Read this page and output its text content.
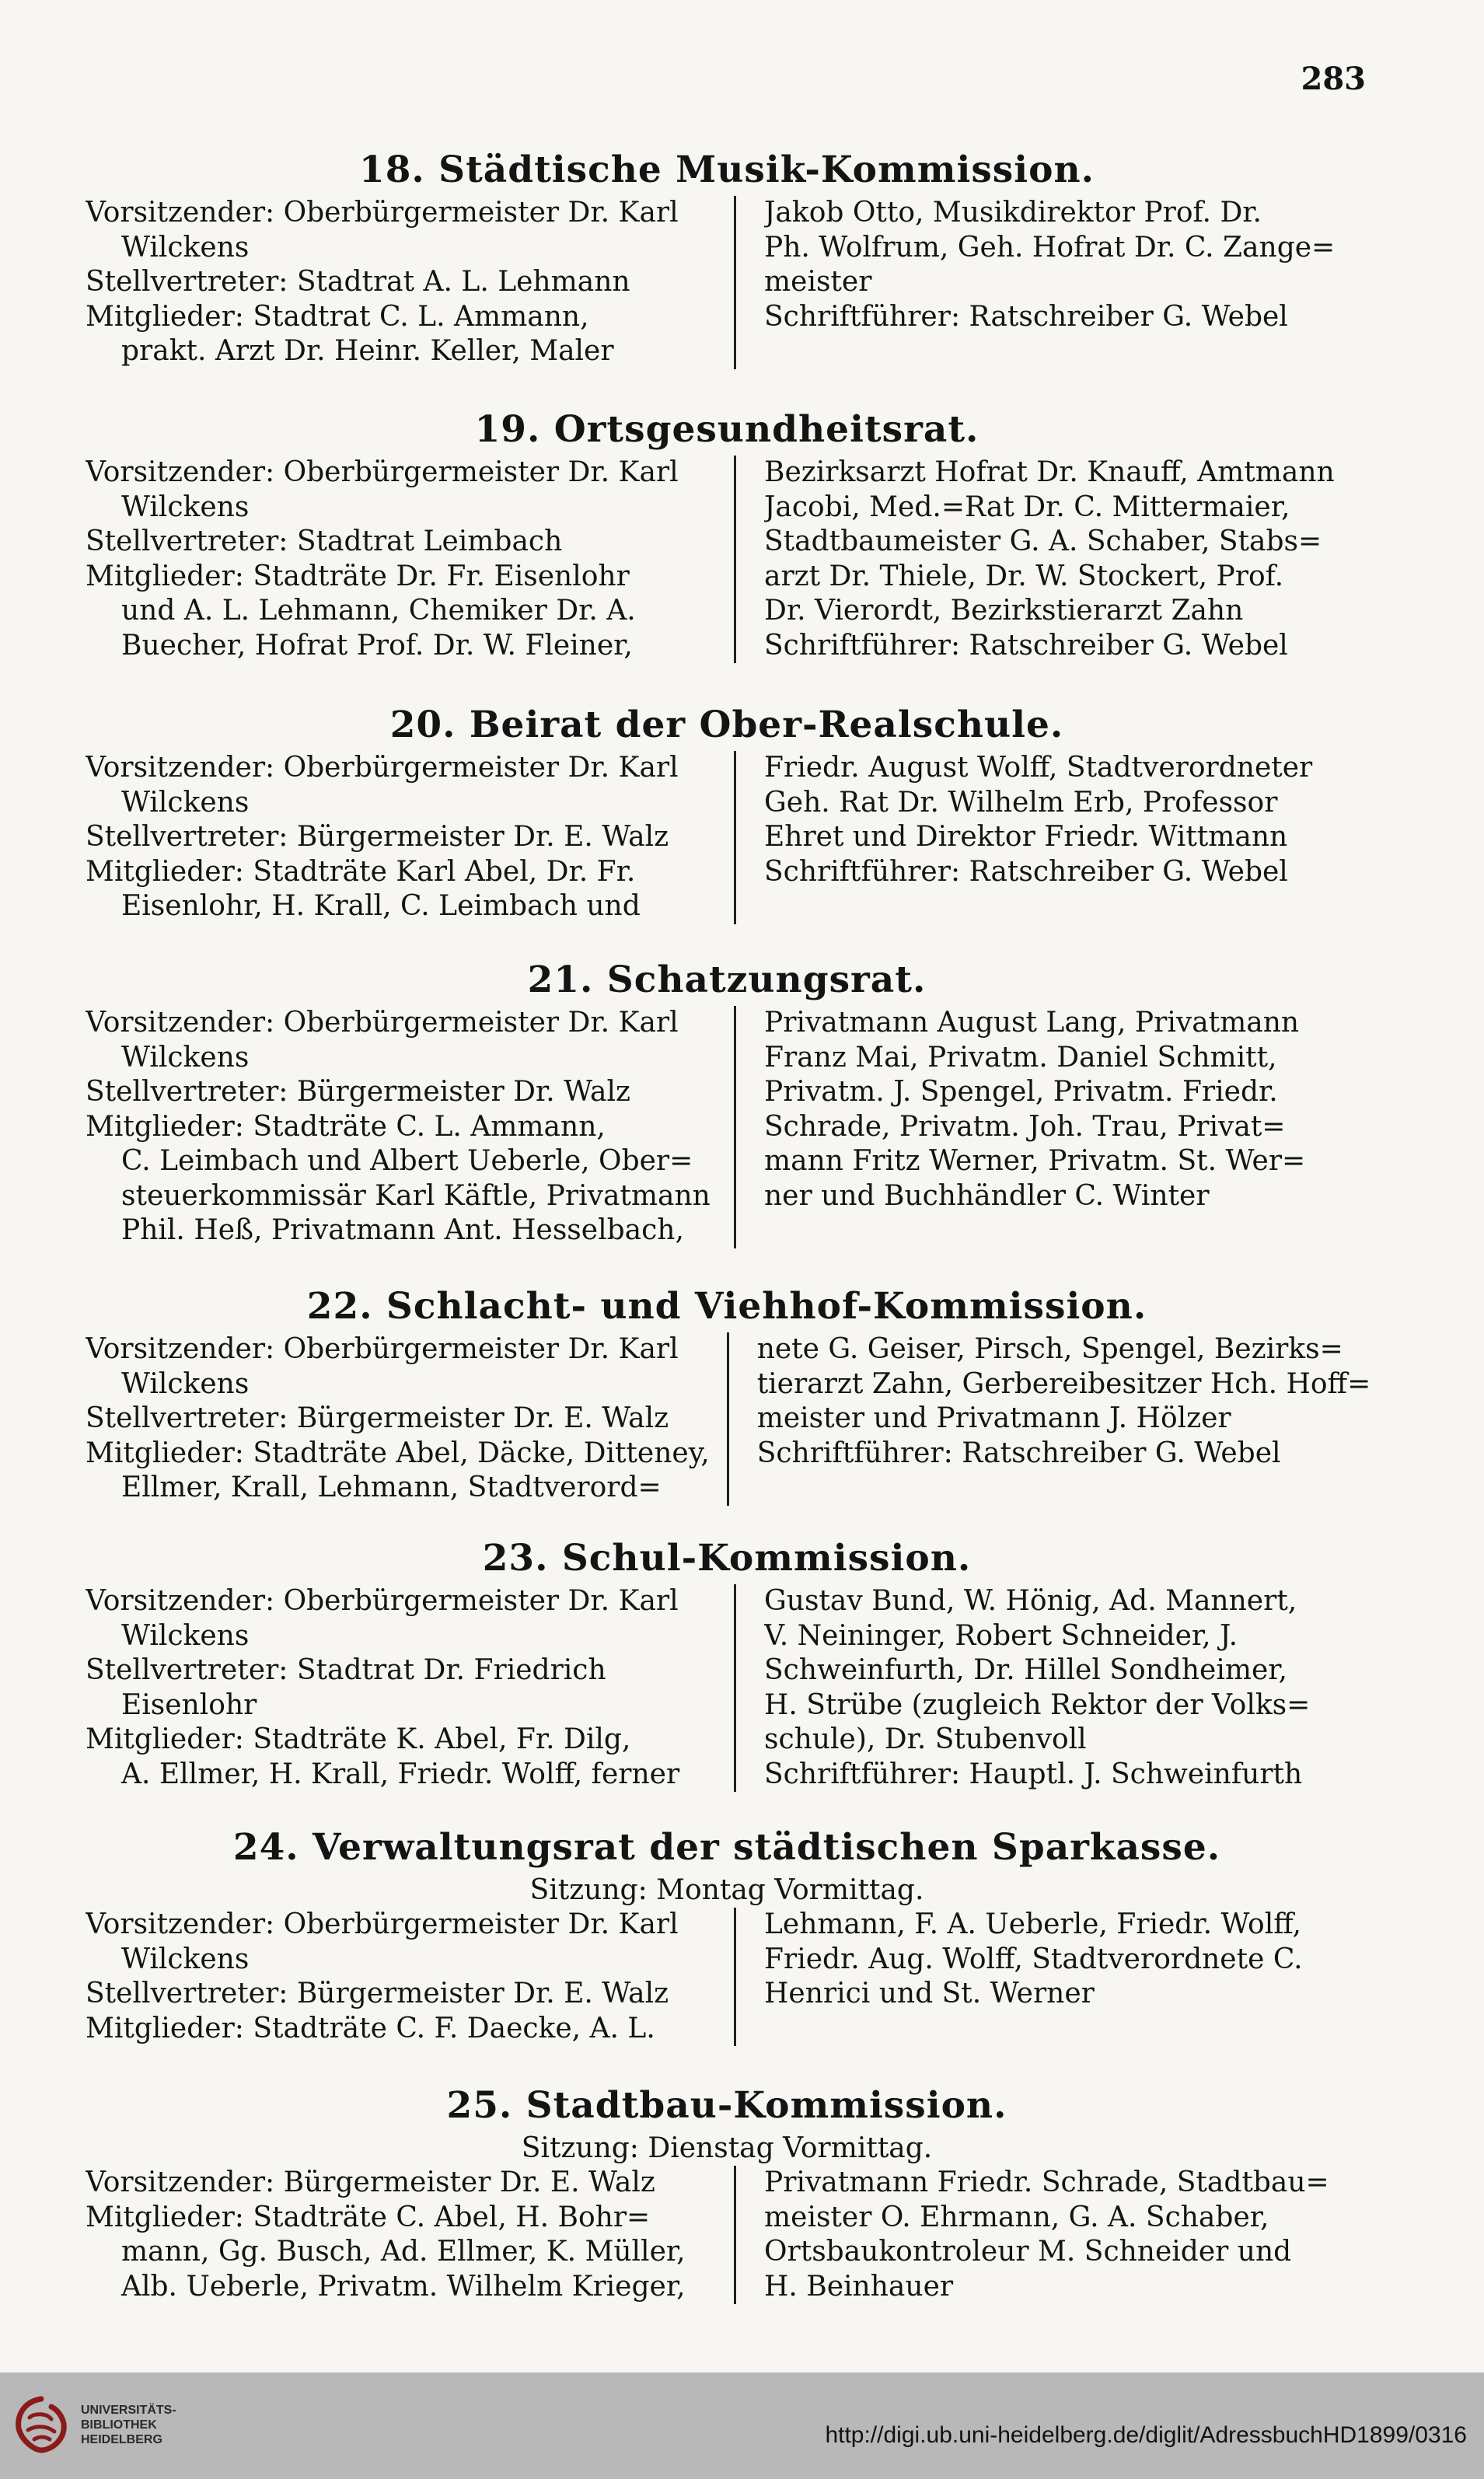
283
18. Städtische Musik-Kommission.
Vorsitzender: Oberbürgermeister Dr. Karl
Wilckens
Stellvertreter: Stadtrat A. L. Lehmann
Mitglieder: Stadtrat C. L. Ammann,
prakt. Arzt Dr. Heinr. Keller, Maler
Jakob Otto, Musikdirektor Prof. Dr.
Ph. Wolfrum, Geh. Hofrat Dr. C. Zange=
meister
Schriftführer: Ratschreiber G. Webel
19. Ortsgesundheitsrat.
Vorsitzender: Oberbürgermeister Dr. Karl
Wilckens
Stellvertreter: Stadtrat Leimbach
Mitglieder: Stadträte Dr. Fr. Eisenlohr
und A. L. Lehmann, Chemiker Dr. A.
Buecher, Hofrat Prof. Dr. W. Fleiner,
Bezirksarzt Hofrat Dr. Knauff, Amtmann
Jacobi, Med.=Rat Dr. C. Mittermaier,
Stadtbaumeister G. A. Schaber, Stabs=
arzt Dr. Thiele, Dr. W. Stockert, Prof.
Dr. Vierordt, Bezirkstierarzt Zahn
Schriftführer: Ratschreiber G. Webel
20. Beirat der Ober-Realschule.
Vorsitzender: Oberbürgermeister Dr. Karl
Wilckens
Stellvertreter: Bürgermeister Dr. E. Walz
Mitglieder: Stadträte Karl Abel, Dr. Fr.
Eisenlohr, H. Krall, C. Leimbach und
Friedr. August Wolff, Stadtverordneter
Geh. Rat Dr. Wilhelm Erb, Professor
Ehret und Direktor Friedr. Wittmann
Schriftführer: Ratschreiber G. Webel
21. Schatzungsrat.
Vorsitzender: Oberbürgermeister Dr. Karl
Wilckens
Stellvertreter: Bürgermeister Dr. Walz
Mitglieder: Stadträte C. L. Ammann,
C. Leimbach und Albert Ueberle, Ober=
steuerkommissär Karl Käftle, Privatmann
Phil. Heß, Privatmann Ant. Hesselbach,
Privatmann August Lang, Privatmann
Franz Mai, Privatm. Daniel Schmitt,
Privatm. J. Spengel, Privatm. Friedr.
Schrade, Privatm. Joh. Trau, Privat=
mann Fritz Werner, Privatm. St. Wer=
ner und Buchhändler C. Winter
22. Schlacht- und Viehhof-Kommission.
Vorsitzender: Oberbürgermeister Dr. Karl
Wilckens
Stellvertreter: Bürgermeister Dr. E. Walz
Mitglieder: Stadträte Abel, Däcke, Ditteney,
Ellmer, Krall, Lehmann, Stadtverord=
nete G. Geiser, Pirsch, Spengel, Bezirks=
tierarzt Zahn, Gerbereibesitzer Hch. Hoff=
meister und Privatmann J. Hölzer
Schriftführer: Ratschreiber G. Webel
23. Schul-Kommission.
Vorsitzender: Oberbürgermeister Dr. Karl
Wilckens
Stellvertreter: Stadtrat Dr. Friedrich
Eisenlohr
Mitglieder: Stadträte K. Abel, Fr. Dilg,
A. Ellmer, H. Krall, Friedr. Wolff, ferner
Gustav Bund, W. Hönig, Ad. Mannert,
V. Neininger, Robert Schneider, J.
Schweinfurth, Dr. Hillel Sondheimer,
H. Strübe (zugleich Rektor der Volks=
schule), Dr. Stubenvoll
Schriftführer: Hauptl. J. Schweinfurth
24. Verwaltungsrat der städtischen Sparkasse.
Sitzung: Montag Vormittag.
Vorsitzender: Oberbürgermeister Dr. Karl
Wilckens
Stellvertreter: Bürgermeister Dr. E. Walz
Mitglieder: Stadträte C. F. Daecke, A. L.
Lehmann, F. A. Ueberle, Friedr. Wolff,
Friedr. Aug. Wolff, Stadtverordnete C.
Henrici und St. Werner
25. Stadtbau-Kommission.
Sitzung: Dienstag Vormittag.
Vorsitzender: Bürgermeister Dr. E. Walz
Mitglieder: Stadträte C. Abel, H. Bohr=
mann, Gg. Busch, Ad. Ellmer, K. Müller,
Alb. Ueberle, Privatm. Wilhelm Krieger,
Privatmann Friedr. Schrade, Stadtbau=
meister O. Ehrmann, G. A. Schaber,
Ortsbaukontroleur M. Schneider und
H. Beinhauer
UNIVERSITÄTS-
BIBLIOTHEK
HEIDELBERG	http://digi.ub.uni-heidelberg.de/diglit/AdressbuchHD1899/0316
